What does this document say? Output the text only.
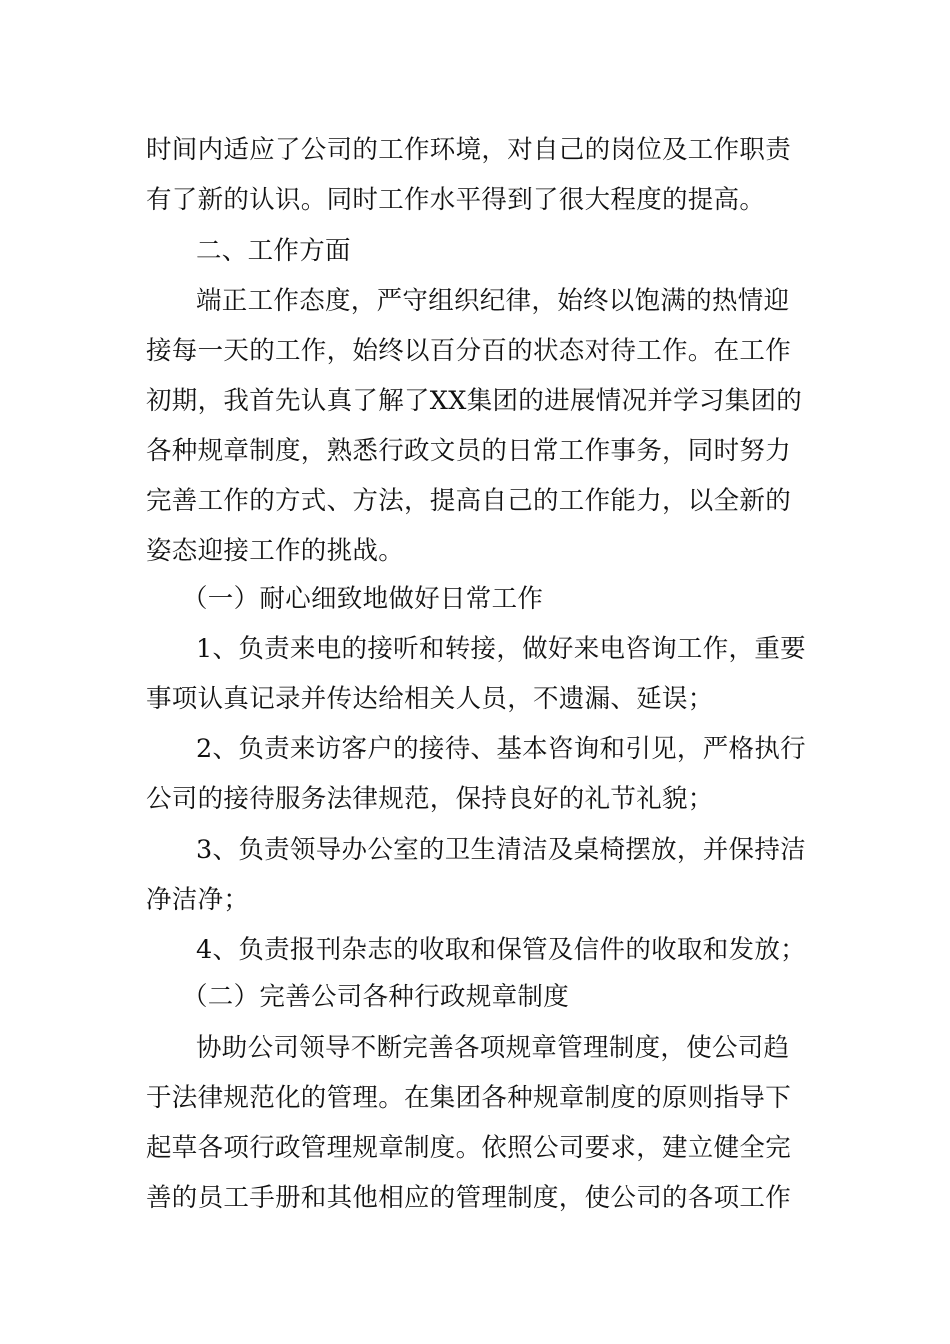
时间内适应了公司的工作环境，对自己的岗位及工作职责
有了新的认识。同时工作水平得到了很大程度的提高。
二、工作方面
端正工作态度，严守组织纪律，始终以饱满的热情迎
接每一天的工作，始终以百分百的状态对待工作。在工作
初期，我首先认真了解了XX集团的进展情况并学习集团的
各种规章制度，熟悉行政文员的日常工作事务，同时努力
完善工作的方式、方法，提高自己的工作能力，以全新的
姿态迎接工作的挑战。
（一）耐心细致地做好日常工作
1、负责来电的接听和转接，做好来电咨询工作，重要
事项认真记录并传达给相关人员，不遗漏、延误；
2、负责来访客户的接待、基本咨询和引见，严格执行
公司的接待服务法律规范，保持良好的礼节礼貌；
3、负责领导办公室的卫生清洁及桌椅摆放，并保持洁
净洁净；
4、负责报刊杂志的收取和保管及信件的收取和发放；
（二）完善公司各种行政规章制度
协助公司领导不断完善各项规章管理制度，使公司趋
于法律规范化的管理。在集团各种规章制度的原则指导下
起草各项行政管理规章制度。依照公司要求，建立健全完
善的员工手册和其他相应的管理制度，使公司的各项工作
